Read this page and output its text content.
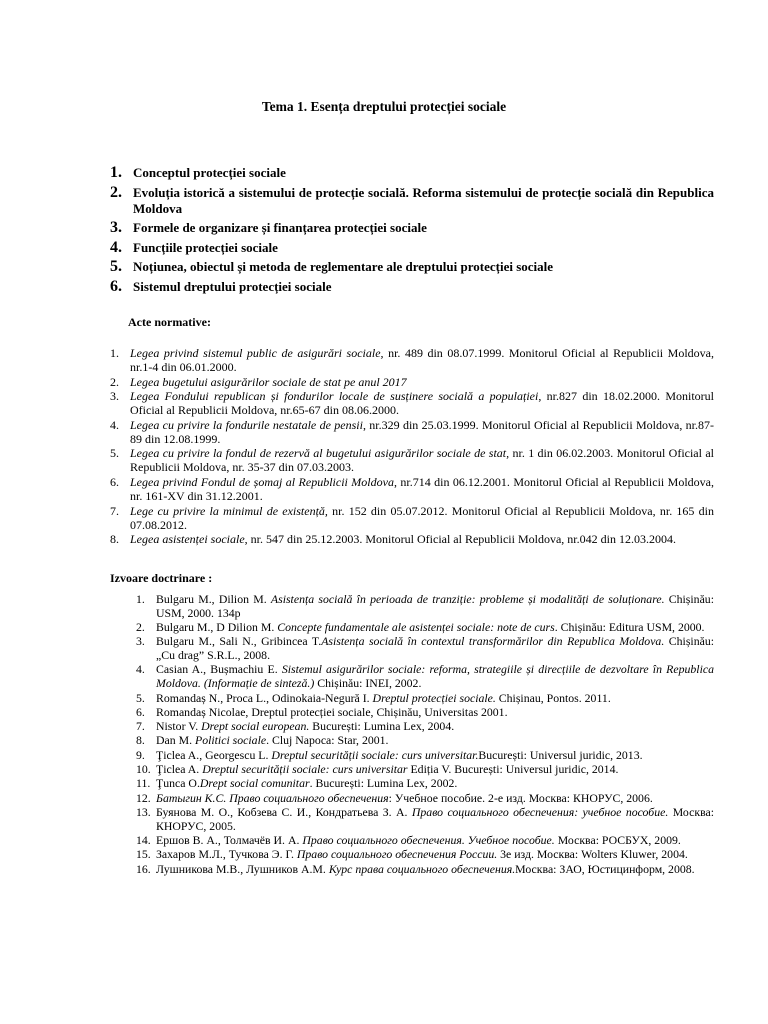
Tema 1. Esența dreptului protecției sociale
1. Conceptul protecției sociale
2. Evoluția istorică a sistemului de protecție socială. Reforma sistemului de protecție socială din Republica Moldova
3. Formele de organizare și finanțarea protecției sociale
4. Funcțiile protecției sociale
5. Noțiunea, obiectul și metoda de reglementare ale dreptului protecției sociale
6. Sistemul dreptului protecției sociale
Acte normative:
1. Legea privind sistemul public de asigurări sociale, nr. 489 din 08.07.1999. Monitorul Oficial al Republicii Moldova, nr.1-4 din 06.01.2000.
2. Legea bugetului asigurărilor sociale de stat pe anul 2017
3. Legea Fondului republican și fondurilor locale de susținere socială a populației, nr.827 din 18.02.2000. Monitorul Oficial al Republicii Moldova, nr.65-67 din 08.06.2000.
4. Legea cu privire la fondurile nestatale de pensii, nr.329 din 25.03.1999. Monitorul Oficial al Republicii Moldova, nr.87- 89 din 12.08.1999.
5. Legea cu privire la fondul de rezervă al bugetului asigurărilor sociale de stat, nr. 1 din 06.02.2003. Monitorul Oficial al Republicii Moldova, nr. 35-37 din 07.03.2003.
6. Legea privind Fondul de șomaj al Republicii Moldova, nr.714 din 06.12.2001. Monitorul Oficial al Republicii Moldova, nr. 161-XV din 31.12.2001.
7. Lege cu privire la minimul de existență, nr. 152 din 05.07.2012. Monitorul Oficial al Republicii Moldova, nr. 165 din 07.08.2012.
8. Legea asistenței sociale, nr. 547 din 25.12.2003. Monitorul Oficial al Republicii Moldova, nr.042 din 12.03.2004.
Izvoare doctrinare :
1. Bulgaru M., Dilion M. Asistența socială în perioada de tranziție: probleme și modalități de soluționare. Chișinău: USM, 2000. 134p
2. Bulgaru M., D Dilion M. Concepte fundamentale ale asistenței sociale: note de curs. Chișinău: Editura USM, 2000.
3. Bulgaru M., Sali N., Gribincea T.Asistența socială în contextul transformărilor din Republica Moldova. Chișinău: „Cu drag” S.R.L., 2008.
4. Casian A., Bușmachiu E. Sistemul asigurărilor sociale: reforma, strategiile și direcțiile de dezvoltare în Republica Moldova. (Informație de sinteză.) Chișinău: INEI, 2002.
5. Romandaș N., Proca L., Odinokaia-Negură I. Dreptul protecției sociale. Chișinau, Pontos. 2011.
6. Romandaș Nicolae, Dreptul protecției sociale, Chișinău, Universitas 2001.
7. Nistor V. Drept social european. București: Lumina Lex, 2004.
8. Dan M. Politici sociale. Cluj Napoca: Star, 2001.
9. Ţiclea A., Georgescu L. Dreptul securității sociale: curs universitar.București: Universul juridic, 2013.
10. Ţiclea A. Dreptul securității sociale: curs universitar Ediția V. București: Universul juridic, 2014.
11. Ţunca O.Drept social comunitar. București: Lumina Lex, 2002.
12. Батыгин К.С. Право социального обеспечения: Учебное пособие. 2-е изд. Москва: КНОРУС, 2006.
13. Буянова М. О., Кобзева С. И., Кондратьева З. А. Право социального обеспечения: учебное пособие. Москва: КНОРУС, 2005.
14. Ершов В. А., Толмачёв И. А. Право социального обеспечения. Учебное пособие. Москва: РОСБУХ, 2009.
15. Захаров М.Л., Тучкова Э. Г. Право социального обеспечения России. 3е изд. Москва: Wolters Kluwer, 2004.
16. Лушникова М.В., Лушников А.М. Курс права социального обеспечения.Москва: ЗАО, Юстицинформ, 2008.
